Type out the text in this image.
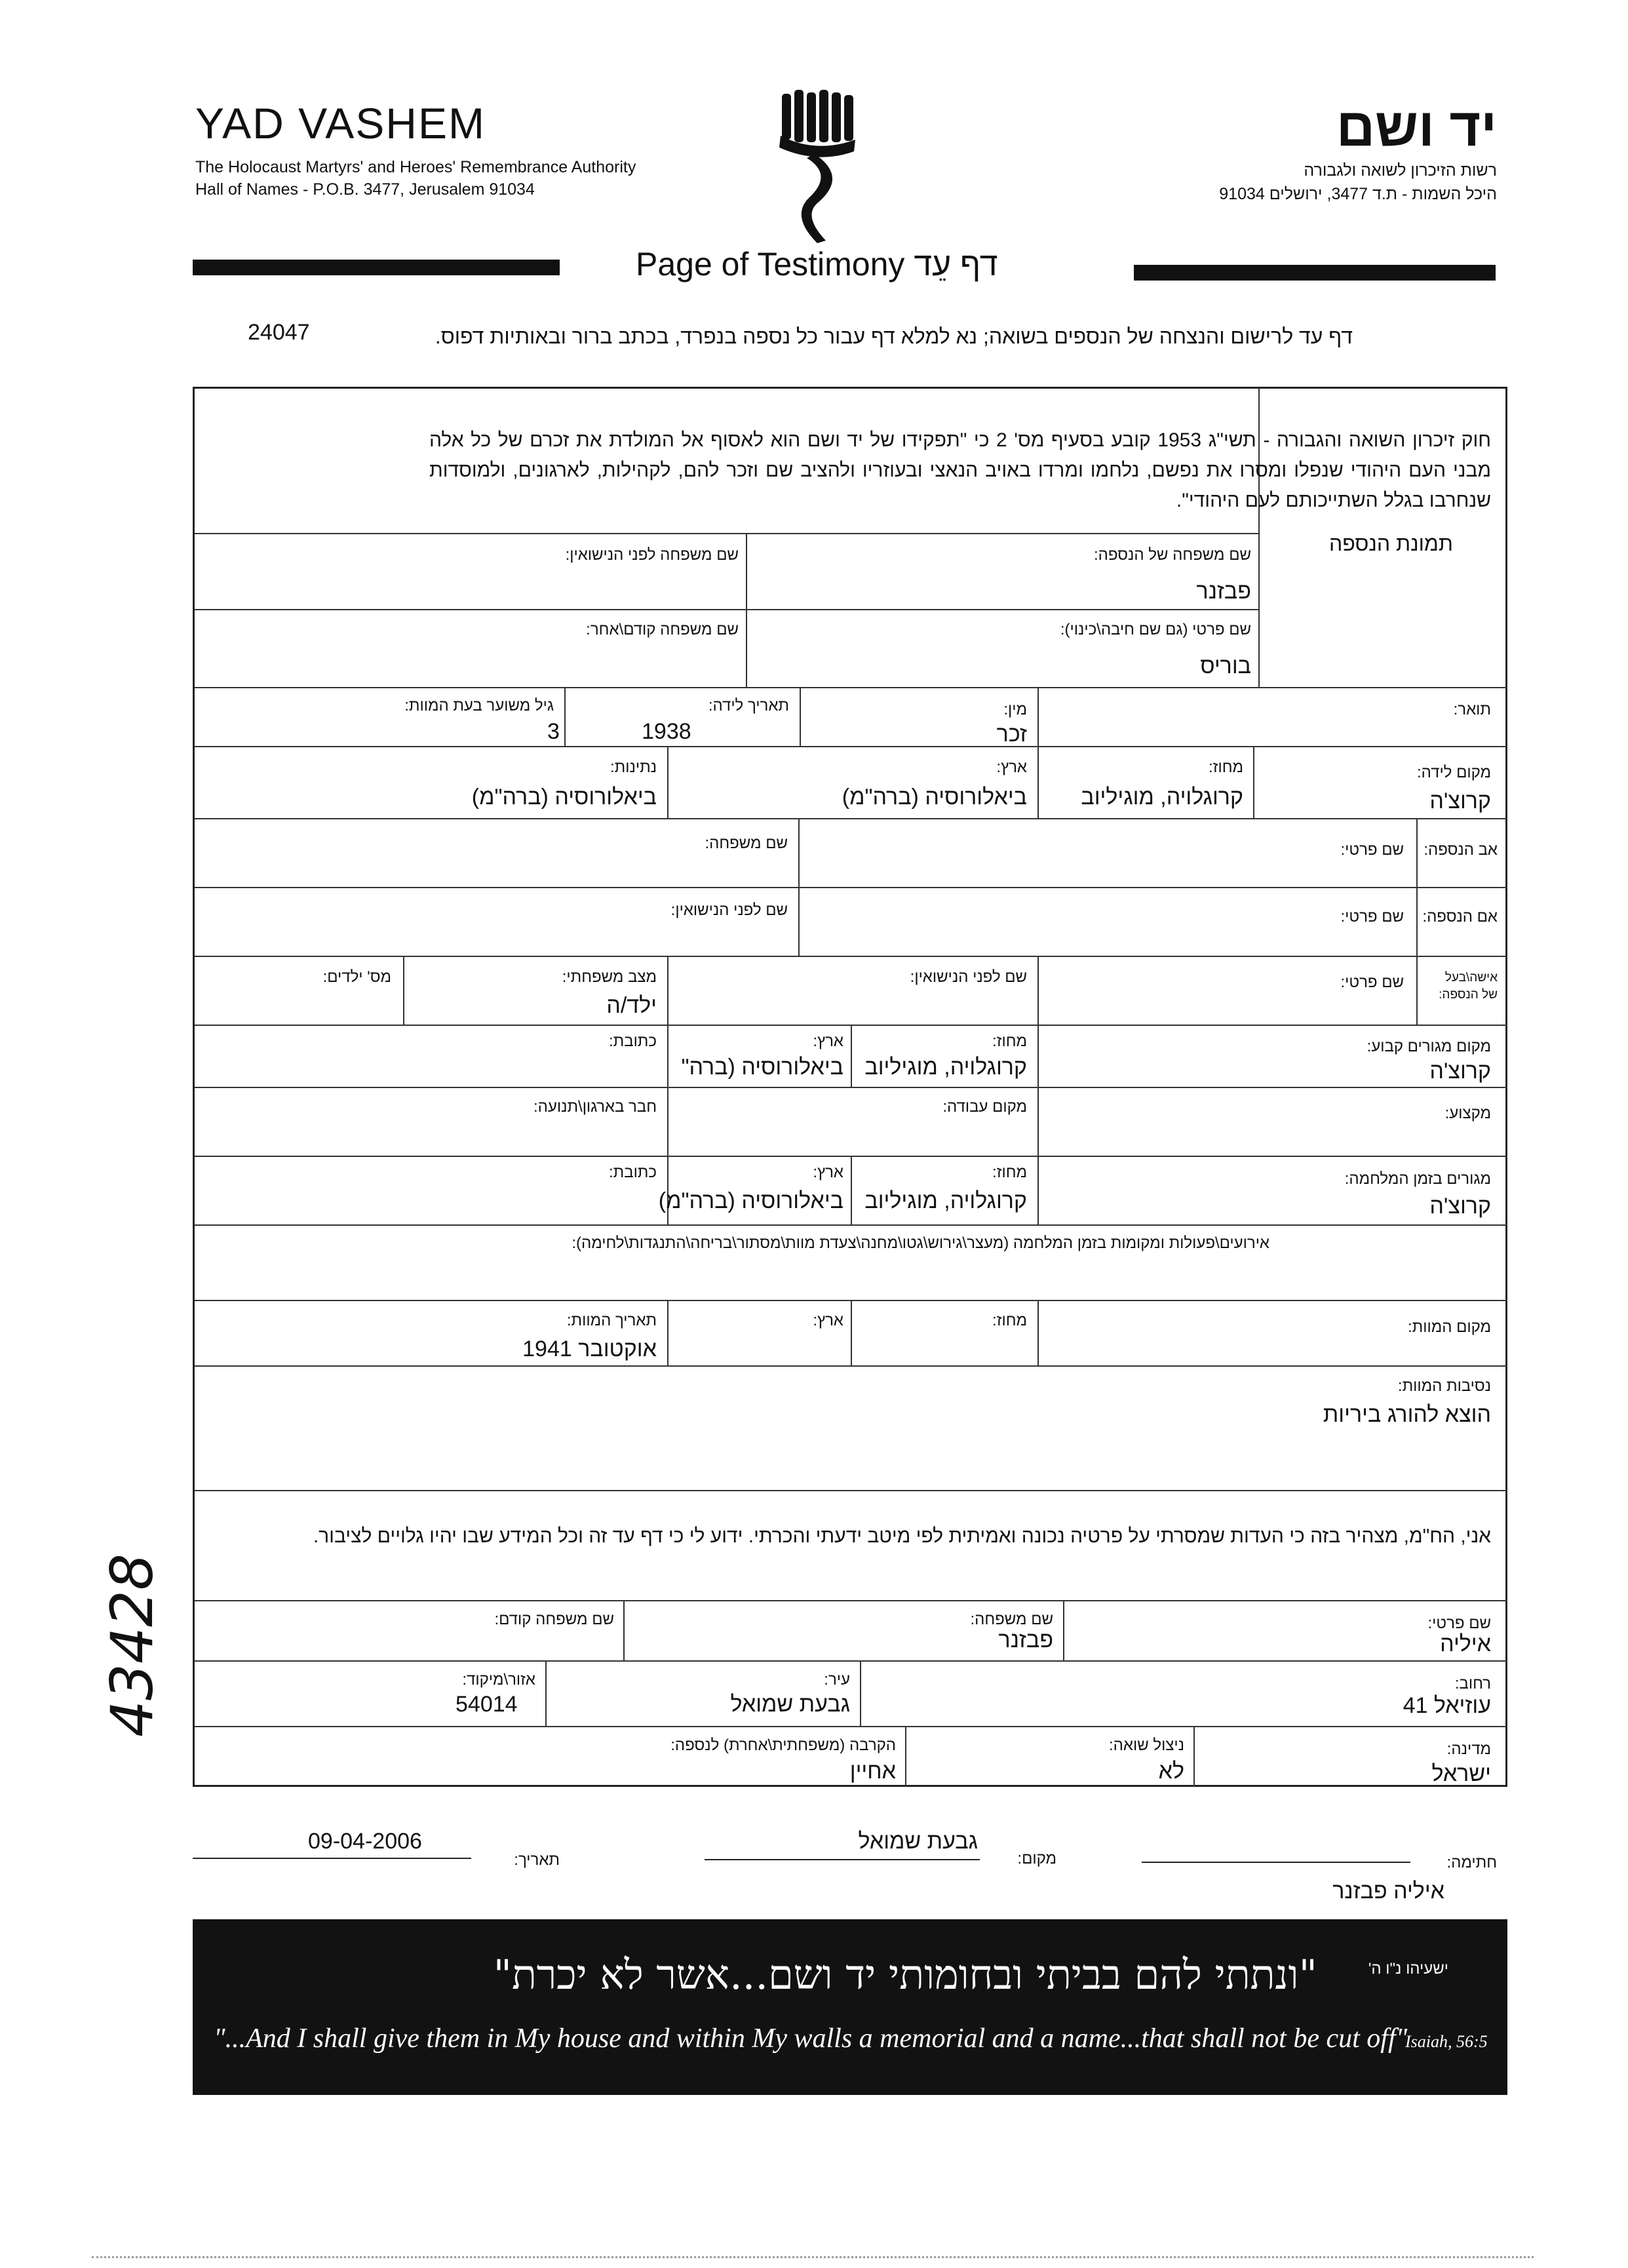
YAD VASHEM
The Holocaust Martyrs' and Heroes' Remembrance Authority
Hall of Names - P.O.B. 3477, Jerusalem 91034
יד ושם
רשות הזיכרון לשואה ולגבורה
היכל השמות - ת.ד 3477, ירושלים 91034
Page of Testimony דף עֵד
דף עד לרישום והנצחה של הנספים בשואה; נא למלא דף עבור כל נספה בנפרד, בכתב ברור ובאותיות דפוס.
24047
חוק זיכרון השואה והגבורה - תשי"ג 1953 קובע בסעיף מס' 2 כי "תפקידו של יד ושם הוא לאסוף אל המולדת את זכרם של כל אלה מבני העם היהודי שנפלו ומסרו את נפשם, נלחמו ומרדו באויב הנאצי ובעוזריו ולהציב שם וזכר להם, לקהילות, לארגונים, ולמוסדות שנחרבו בגלל השתייכותם לעם היהודי".
תמונת הנספה
שם משפחה של הנספה:
פבזנר
שם משפחה לפני הנישואין:
שם פרטי (גם שם חיבה\כינוי):
בוריס
שם משפחה קודם\אחר:
תואר:
מין:
זכר
תאריך לידה:
1938
גיל משוער בעת המוות:
3
מקום לידה:
קרוצ'ה
מחוז:
קרוגלויה, מוגיליוב
ארץ:
ביאלורוסיה (ברה"מ)
נתינות:
ביאלורוסיה (ברה"מ)
אב הנספה:
שם פרטי:
שם משפחה:
אם הנספה:
שם פרטי:
שם לפני הנישואין:
אישה\בעל
של הנספה:
שם פרטי:
שם לפני הנישואין:
מצב משפחתי:
ילד/ה
מס' ילדים:
מקום מגורים קבוע:
קרוצ'ה
מחוז:
קרוגלויה, מוגיליוב
ארץ:
ביאלורוסיה (ברה"
כתובת:
מקצוע:
מקום עבודה:
חבר בארגון\תנועה:
מגורים בזמן המלחמה:
קרוצ'ה
מחוז:
קרוגלויה, מוגיליוב
ארץ:
ביאלורוסיה (ברה"מ)
כתובת:
אירועים\פעולות ומקומות בזמן המלחמה (מעצר\גירוש\גטו\מחנה\צעדת מוות\מסתור\בריחה\התנגדות\לחימה):
מקום המוות:
מחוז:
ארץ:
תאריך המוות:
אוקטובר 1941
נסיבות המוות:
הוצא להורג ביריות
אני, הח"מ, מצהיר בזה כי העדות שמסרתי על פרטיה נכונה ואמיתית לפי מיטב ידעתי והכרתי. ידוע לי כי דף עד זה וכל המידע שבו יהיו גלויים לציבור.
שם פרטי:
איליה
שם משפחה:
פבזנר
שם משפחה קודם:
רחוב:
עוזיאל 41
עיר:
גבעת שמואל
אזור\מיקוד:
54014
מדינה:
ישראל
ניצול שואה:
לא
הקרבה (משפחתית\אחרת) לנספה:
אחיין
43428
חתימה:
מקום:
גבעת שמואל
תאריך:
09-04-2006
איליה פבזנר
"ונתתי להם בביתי ובחומותי יד ושם...אשר לא יכרת"	ישעיהו נ"ו ה'
"...And I shall give them in My house and within My walls a memorial and a name...that shall not be cut off"
Isaiah, 56:5
